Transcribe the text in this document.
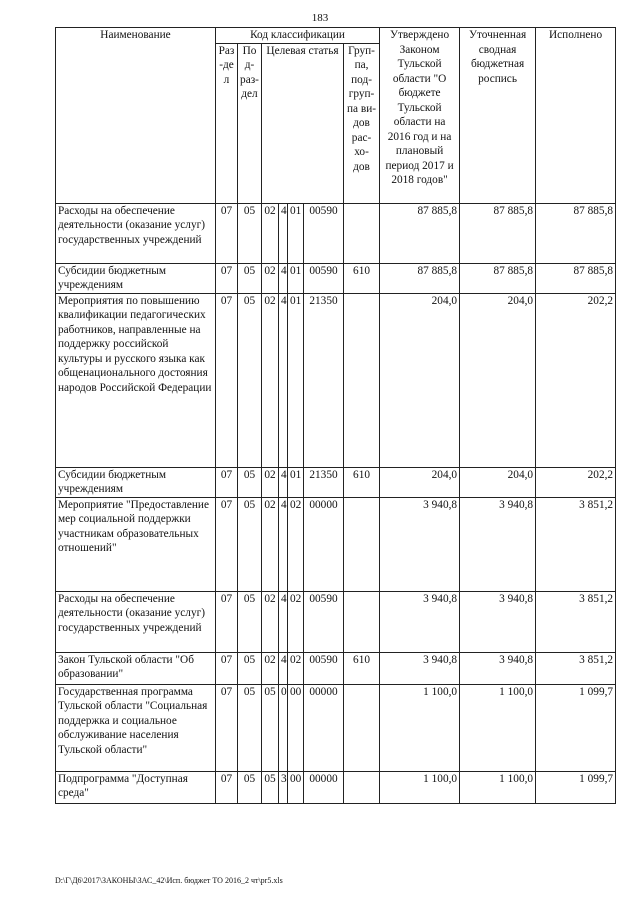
183
Наименование	Код классификации							Утверждено Законом Тульской области "О бюджете Тульской области на 2016 год и на плановый период 2017 и 2018 годов"	Уточненная сводная бюджетная роспись	Исполнено
	Раз-дел	Под-раз-дел	Целевая статья				Груп-па, под-груп-па ви-дов рас-хо-дов			
Расходы на обеспечение деятельности (оказание услуг) государственных учреждений	07	05	02	4	01	00590		87 885,8	87 885,8	87 885,8
Субсидии бюджетным учреждениям	07	05	02	4	01	00590	610	87 885,8	87 885,8	87 885,8
Мероприятия по повышению квалификации педагогических работников, направленные на поддержку российской культуры и русского языка как общенационального достояния народов Российской Федерации	07	05	02	4	01	21350		204,0	204,0	202,2
Субсидии бюджетным учреждениям	07	05	02	4	01	21350	610	204,0	204,0	202,2
Мероприятие "Предоставление мер социальной поддержки участникам образовательных отношений"	07	05	02	4	02	00000		3 940,8	3 940,8	3 851,2
Расходы на обеспечение деятельности (оказание услуг) государственных учреждений	07	05	02	4	02	00590		3 940,8	3 940,8	3 851,2
Закон Тульской области "Об образовании"	07	05	02	4	02	00590	610	3 940,8	3 940,8	3 851,2
Государственная программа Тульской области "Социальная поддержка и социальное обслуживание населения Тульской области"	07	05	05	0	00	00000		1 100,0	1 100,0	1 099,7
Подпрограмма "Доступная среда"	07	05	05	3	00	00000		1 100,0	1 100,0	1 099,7
D:\Г\Д6\2017\ЗАКОНЫ\ЗАС_42\Исп. бюджет ТО 2016_2 чт\pr5.xls
